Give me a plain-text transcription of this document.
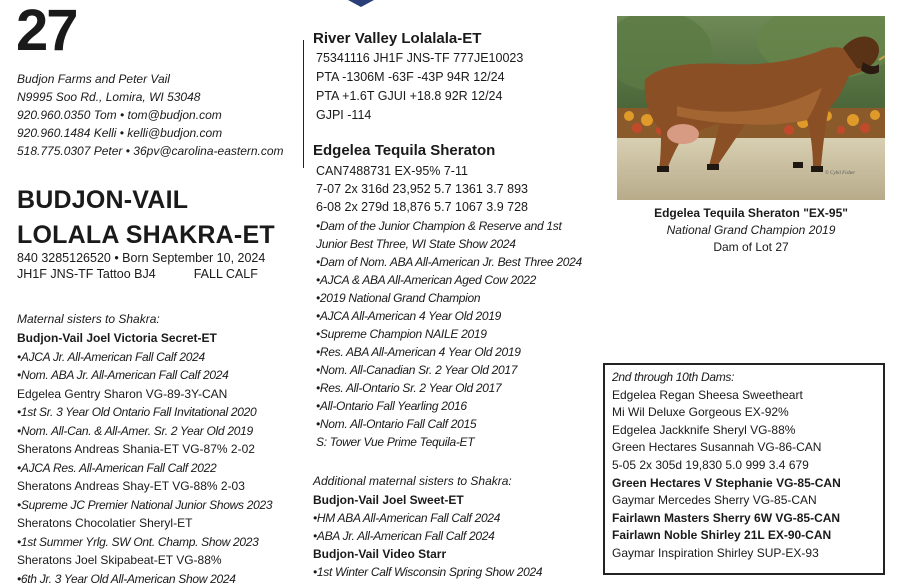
27
Budjon Farms and Peter Vail
N9995 Soo Rd., Lomira, WI 53048
920.960.0350 Tom • tom@budjon.com
920.960.1484 Kelli • kelli@budjon.com
518.775.0307 Peter • 36pv@carolina-eastern.com
BUDJON-VAIL
LOLALA SHAKRA-ET
840 3285126520 • Born September 10, 2024
JH1F JNS-TF Tattoo BJ4	FALL CALF
River Valley Lolalala-ET
75341116 JH1F JNS-TF 777JE10023
PTA -1306M -63F -43P 94R 12/24
PTA +1.6T GJUI +18.8 92R 12/24
GJPI -114
Edgelea Tequila Sheraton
CAN7488731 EX-95% 7-11
7-07 2x 316d 23,952 5.7 1361 3.7 893
6-08 2x 279d 18,876 5.7 1067 3.9 728
•Dam of the Junior Champion & Reserve and 1st
Junior Best Three, WI State Show 2024
•Dam of Nom. ABA All-American Jr. Best Three 2024
•AJCA & ABA All-American Aged Cow 2022
•2019 National Grand Champion
•AJCA All-American 4 Year Old 2019
•Supreme Champion NAILE 2019
•Res. ABA All-American 4 Year Old 2019
•Nom. All-Canadian Sr. 2 Year Old 2017
•Res. All-Ontario Sr. 2 Year Old 2017
•All-Ontario Fall Yearling 2016
•Nom. All-Ontario Fall Calf 2015
S: Tower Vue Prime Tequila-ET
Additional maternal sisters to Shakra:
Budjon-Vail Joel Sweet-ET
•HM ABA All-American Fall Calf 2024
•ABA Jr. All-American Fall Calf 2024
Budjon-Vail Video Starr
•1st Winter Calf Wisconsin Spring Show 2024
Maternal sisters to Shakra:
Budjon-Vail Joel Victoria Secret-ET
•AJCA Jr. All-American Fall Calf 2024
•Nom. ABA Jr. All-American Fall Calf 2024
Edgelea Gentry Sharon VG-89-3Y-CAN
•1st Sr. 3 Year Old Ontario Fall Invitational 2020
•Nom. All-Can. & All-Amer. Sr. 2 Year Old 2019
Sheratons Andreas Shania-ET VG-87% 2-02
•AJCA Res. All-American Fall Calf 2022
Sheratons Andreas Shay-ET VG-88% 2-03
•Supreme JC Premier National Junior Shows 2023
Sheratons Chocolatier Sheryl-ET
•1st Summer Yrlg. SW Ont. Champ. Show 2023
Sheratons Joel Skipabeat-ET VG-88%
•6th Jr. 3 Year Old All-American Show 2024
© Cybil Fisher
Edgelea Tequila Sheraton "EX-95"
National Grand Champion 2019
Dam of Lot 27
2nd through 10th Dams:
Edgelea Regan Sheesa Sweetheart
Mi Wil Deluxe Gorgeous EX-92%
Edgelea Jackknife Sheryl VG-88%
Green Hectares Susannah VG-86-CAN
5-05 2x 305d 19,830 5.0 999 3.4 679
Green Hectares V Stephanie VG-85-CAN
Gaymar Mercedes Sherry VG-85-CAN
Fairlawn Masters Sherry 6W VG-85-CAN
Fairlawn Noble Shirley 21L EX-90-CAN
Gaymar Inspiration Shirley SUP-EX-93
